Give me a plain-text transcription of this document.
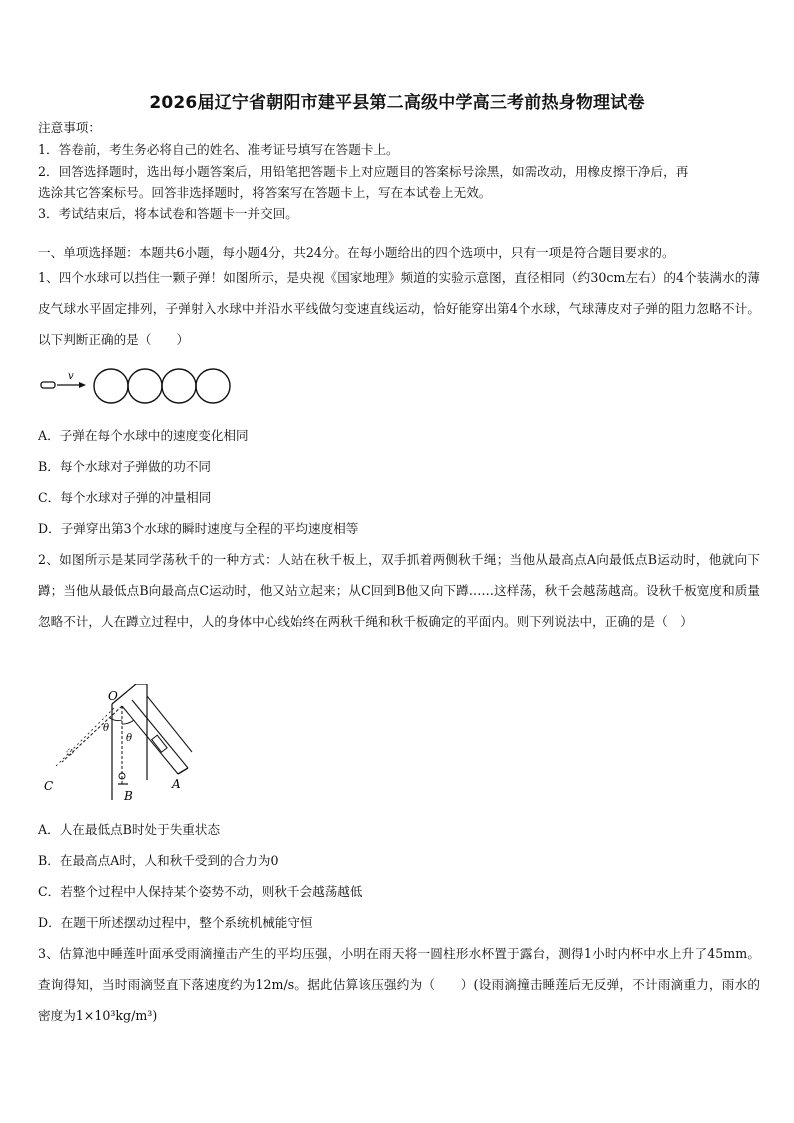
2026届辽宁省朝阳市建平县第二高级中学高三考前热身物理试卷
注意事项：
1．答卷前，考生务必将自己的姓名、准考证号填写在答题卡上。
2．回答选择题时，选出每小题答案后，用铅笔把答题卡上对应题目的答案标号涂黑，如需改动，用橡皮擦干净后，再
选涂其它答案标号。回答非选择题时，将答案写在答题卡上，写在本试卷上无效。
3．考试结束后，将本试卷和答题卡一并交回。
一、单项选择题：本题共6小题，每小题4分，共24分。在每小题给出的四个选项中，只有一项是符合题目要求的。
1、四个水球可以挡住一颗子弹！如图所示，是央视《国家地理》频道的实验示意图，直径相同（约30cm左右）的4个装满水的薄皮气球水平固定排列，子弹射入水球中并沿水平线做匀变速直线运动，恰好能穿出第4个水球，气球薄皮对子弹的阻力忽略不计。以下判断正确的是（　　）
v
A．子弹在每个水球中的速度变化相同
B．每个水球对子弹做的功不同
C．每个水球对子弹的冲量相同
D．子弹穿出第3个水球的瞬时速度与全程的平均速度相等
2、如图所示是某同学荡秋千的一种方式：人站在秋千板上，双手抓着两侧秋千绳；当他从最高点A向最低点B运动时，他就向下蹲；当他从最低点B向最高点C运动时，他又站立起来；从C回到B他又向下蹲……这样荡，秋千会越荡越高。设秋千板宽度和质量忽略不计，人在蹲立过程中，人的身体中心线始终在两秋千绳和秋千板确定的平面内。则下列说法中，正确的是（　）
O
θ
θ
A
B
C
A．人在最低点B时处于失重状态
B．在最高点A时，人和秋千受到的合力为0
C．若整个过程中人保持某个姿势不动，则秋千会越荡越低
D．在题干所述摆动过程中，整个系统机械能守恒
3、估算池中睡莲叶面承受雨滴撞击产生的平均压强，小明在雨天将一圆柱形水杯置于露台，测得1小时内杯中水上升了45mm。查询得知，当时雨滴竖直下落速度约为12m/s。据此估算该压强约为（　　）(设雨滴撞击睡莲后无反弹，不计雨滴重力，雨水的密度为1×10³kg/m³)
